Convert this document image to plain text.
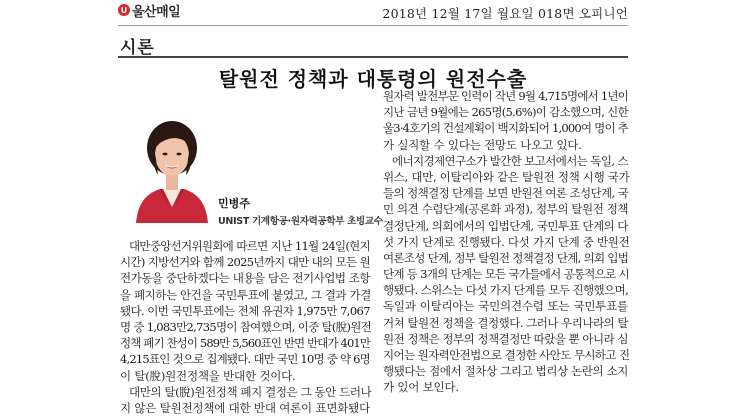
U 울산매일	2018년 12월 17일 월요일 018면 오피니언
시론
탈원전 정책과 대통령의 원전수출
민병주
UNIST 기계항공·원자력공학부 초빙교수
대만중앙선거위원회에 따르면 지난 11월 24일(현지
시간) 지방선거와 함께 2025년까지 대만 내의 모든 원
전가동을 중단하겠다는 내용을 담은 전기사업법 조항
을 폐지하는 안건을 국민투표에 붙였고, 그 결과 가결
됐다. 이번 국민투표에는 전체 유권자 1,975만 7,067
명 중 1,083만2,735명이 참여했으며, 이중 탈(脫)원전
정책 폐기 찬성이 589만 5,560표인 반면 반대가 401만
4,215표인 것으로 집계됐다. 대만 국민 10명 중 약 6명
이 탈(脫)원전정책을 반대한 것이다.
대만의 탈(脫)원전정책 폐지 결정은 그 동안 드러나
지 않은 탈원전정책에 대한 반대 여론이 표면화됐다
원자력 발전부문 인력이 작년 9월 4,715명에서 1년이
지난 금년 9월에는 265명(5.6%)이 감소했으며, 신한
울3·4호기의 건설계획이 백지화되어 1,000여 명이 추
가 실직할 수 있다는 전망도 나오고 있다.
에너지경제연구소가 발간한 보고서에서는 독일, 스
위스, 대만, 이탈리아와 같은 탈원전 정책 시행 국가
들의 정책결정 단계를 보면 반원전 여론 조성단계, 국
민 의견 수렴단계(공론화 과정), 정부의 탈원전 정책
결정단계, 의회에서의 입법단계, 국민투표 단계의 다
섯 가지 단계로 진행됐다. 다섯 가지 단계 중 반원전
여론조성 단계, 정부 탈원전 정책결정 단계, 의회 입법
단계 등 3개의 단계는 모든 국가들에서 공통적으로 시
행됐다. 스위스는 다섯 가지 단계를 모두 진행했으며,
독일과 이탈리아는 국민의견수렴 또는 국민투표를
거쳐 탈원전 정책을 결정했다. 그러나 우리나라의 탈
원전 정책은 정부의 정책결정만 따랐을 뿐 아니라 심
지어는 원자력안전법으로 결정한 사안도 무시하고 진
행됐다는 점에서 절차상 그리고 법리상 논란의 소지
가 있어 보인다.
